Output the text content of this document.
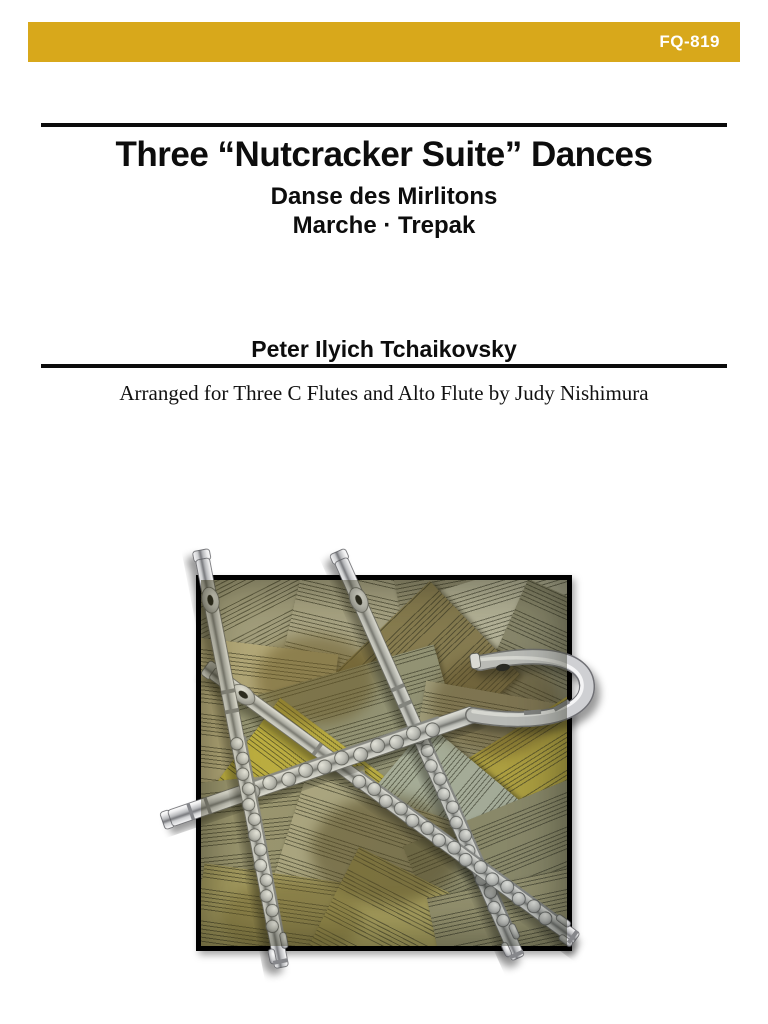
FQ-819
Three “Nutcracker Suite” Dances
Danse des Mirlitons
Marche · Trepak
Peter Ilyich Tchaikovsky
Arranged for Three C Flutes and Alto Flute by Judy Nishimura
